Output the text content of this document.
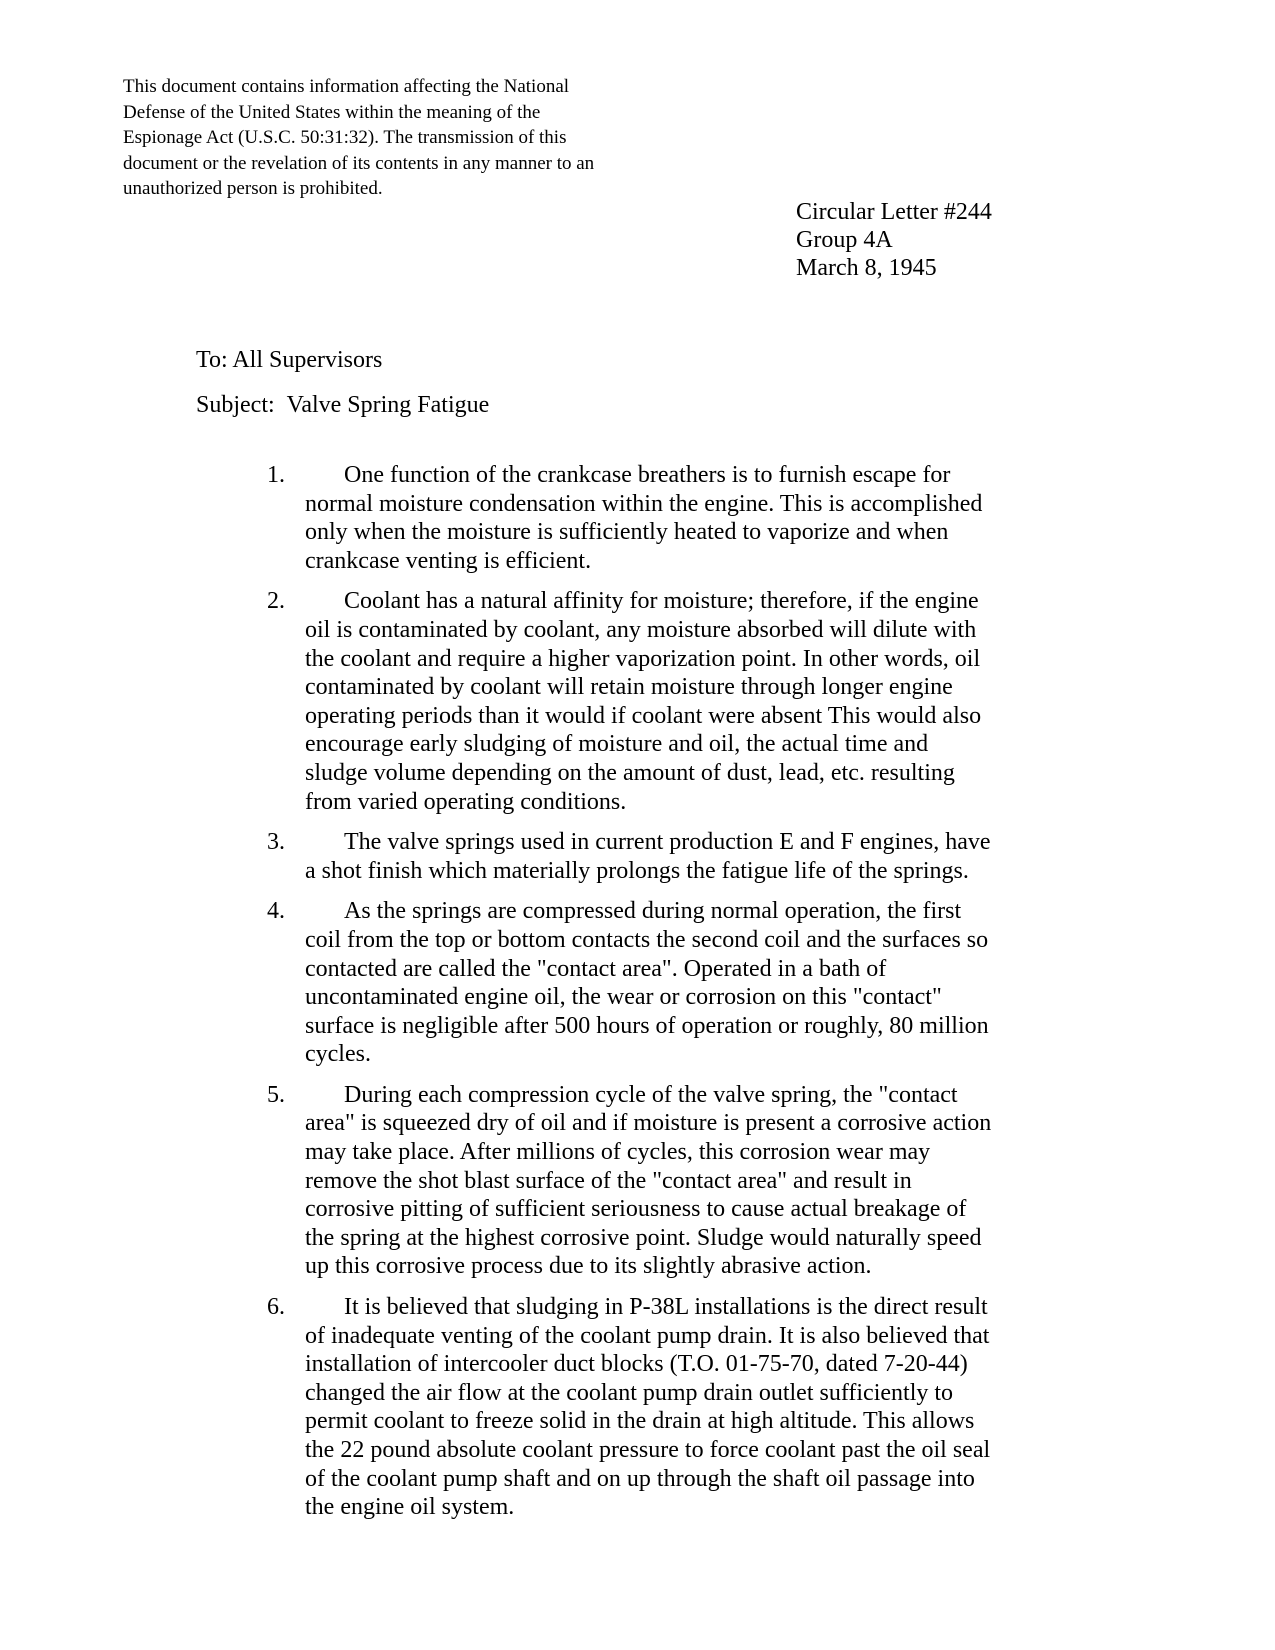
This document contains information affecting the National
Defense of the United States within the meaning of the
Espionage Act (U.S.C. 50:31:32). The transmission of this
document or the revelation of its contents in any manner to an
unauthorized person is prohibited.
Circular Letter #244
Group 4A
March 8, 1945
To: All Supervisors
Subject: Valve Spring Fatigue
1.	One function of the crankcase breathers is to furnish escape for
normal moisture condensation within the engine. This is accomplished
only when the moisture is sufficiently heated to vaporize and when
crankcase venting is efficient.
2.	Coolant has a natural affinity for moisture; therefore, if the engine
oil is contaminated by coolant, any moisture absorbed will dilute with
the coolant and require a higher vaporization point. In other words, oil
contaminated by coolant will retain moisture through longer engine
operating periods than it would if coolant were absent This would also
encourage early sludging of moisture and oil, the actual time and
sludge volume depending on the amount of dust, lead, etc. resulting
from varied operating conditions.
3.	The valve springs used in current production E and F engines, have
a shot finish which materially prolongs the fatigue life of the springs.
4.	As the springs are compressed during normal operation, the first
coil from the top or bottom contacts the second coil and the surfaces so
contacted are called the "contact area". Operated in a bath of
uncontaminated engine oil, the wear or corrosion on this "contact"
surface is negligible after 500 hours of operation or roughly, 80 million
cycles.
5.	During each compression cycle of the valve spring, the "contact
area" is squeezed dry of oil and if moisture is present a corrosive action
may take place. After millions of cycles, this corrosion wear may
remove the shot blast surface of the "contact area" and result in
corrosive pitting of sufficient seriousness to cause actual breakage of
the spring at the highest corrosive point. Sludge would naturally speed
up this corrosive process due to its slightly abrasive action.
6.	It is believed that sludging in P-38L installations is the direct result
of inadequate venting of the coolant pump drain. It is also believed that
installation of intercooler duct blocks (T.O. 01-75-70, dated 7-20-44)
changed the air flow at the coolant pump drain outlet sufficiently to
permit coolant to freeze solid in the drain at high altitude. This allows
the 22 pound absolute coolant pressure to force coolant past the oil seal
of the coolant pump shaft and on up through the shaft oil passage into
the engine oil system.
